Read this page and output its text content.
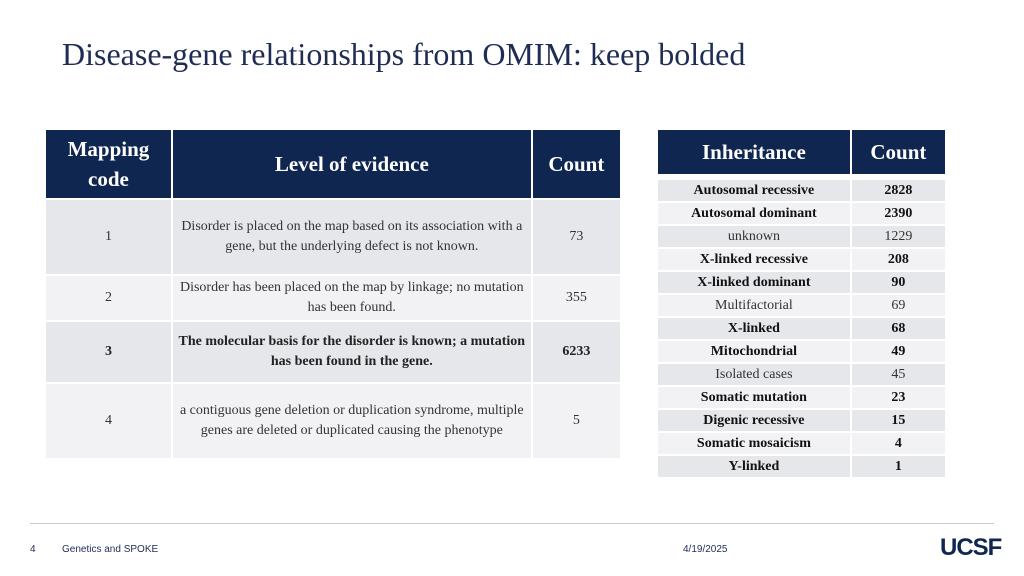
Disease-gene relationships from OMIM: keep bolded
Mapping code	Level of evidence	Count
1	Disorder is placed on the map based on its association with a gene, but the underlying defect is not known.	73
2	Disorder has been placed on the map by linkage; no mutation has been found.	355
3	The molecular basis for the disorder is known; a mutation has been found in the gene.	6233
4	a contiguous gene deletion or duplication syndrome, multiple genes are deleted or duplicated causing the phenotype	5
Inheritance	Count

Autosomal recessive	2828
Autosomal dominant	2390
unknown	1229
X-linked recessive	208
X-linked dominant	90
Multifactorial	69
X-linked	68
Mitochondrial	49
Isolated cases	45
Somatic mutation	23
Digenic recessive	15
Somatic mosaicism	4
Y-linked	1
4	Genetics and SPOKE	4/19/2025	UCSF
